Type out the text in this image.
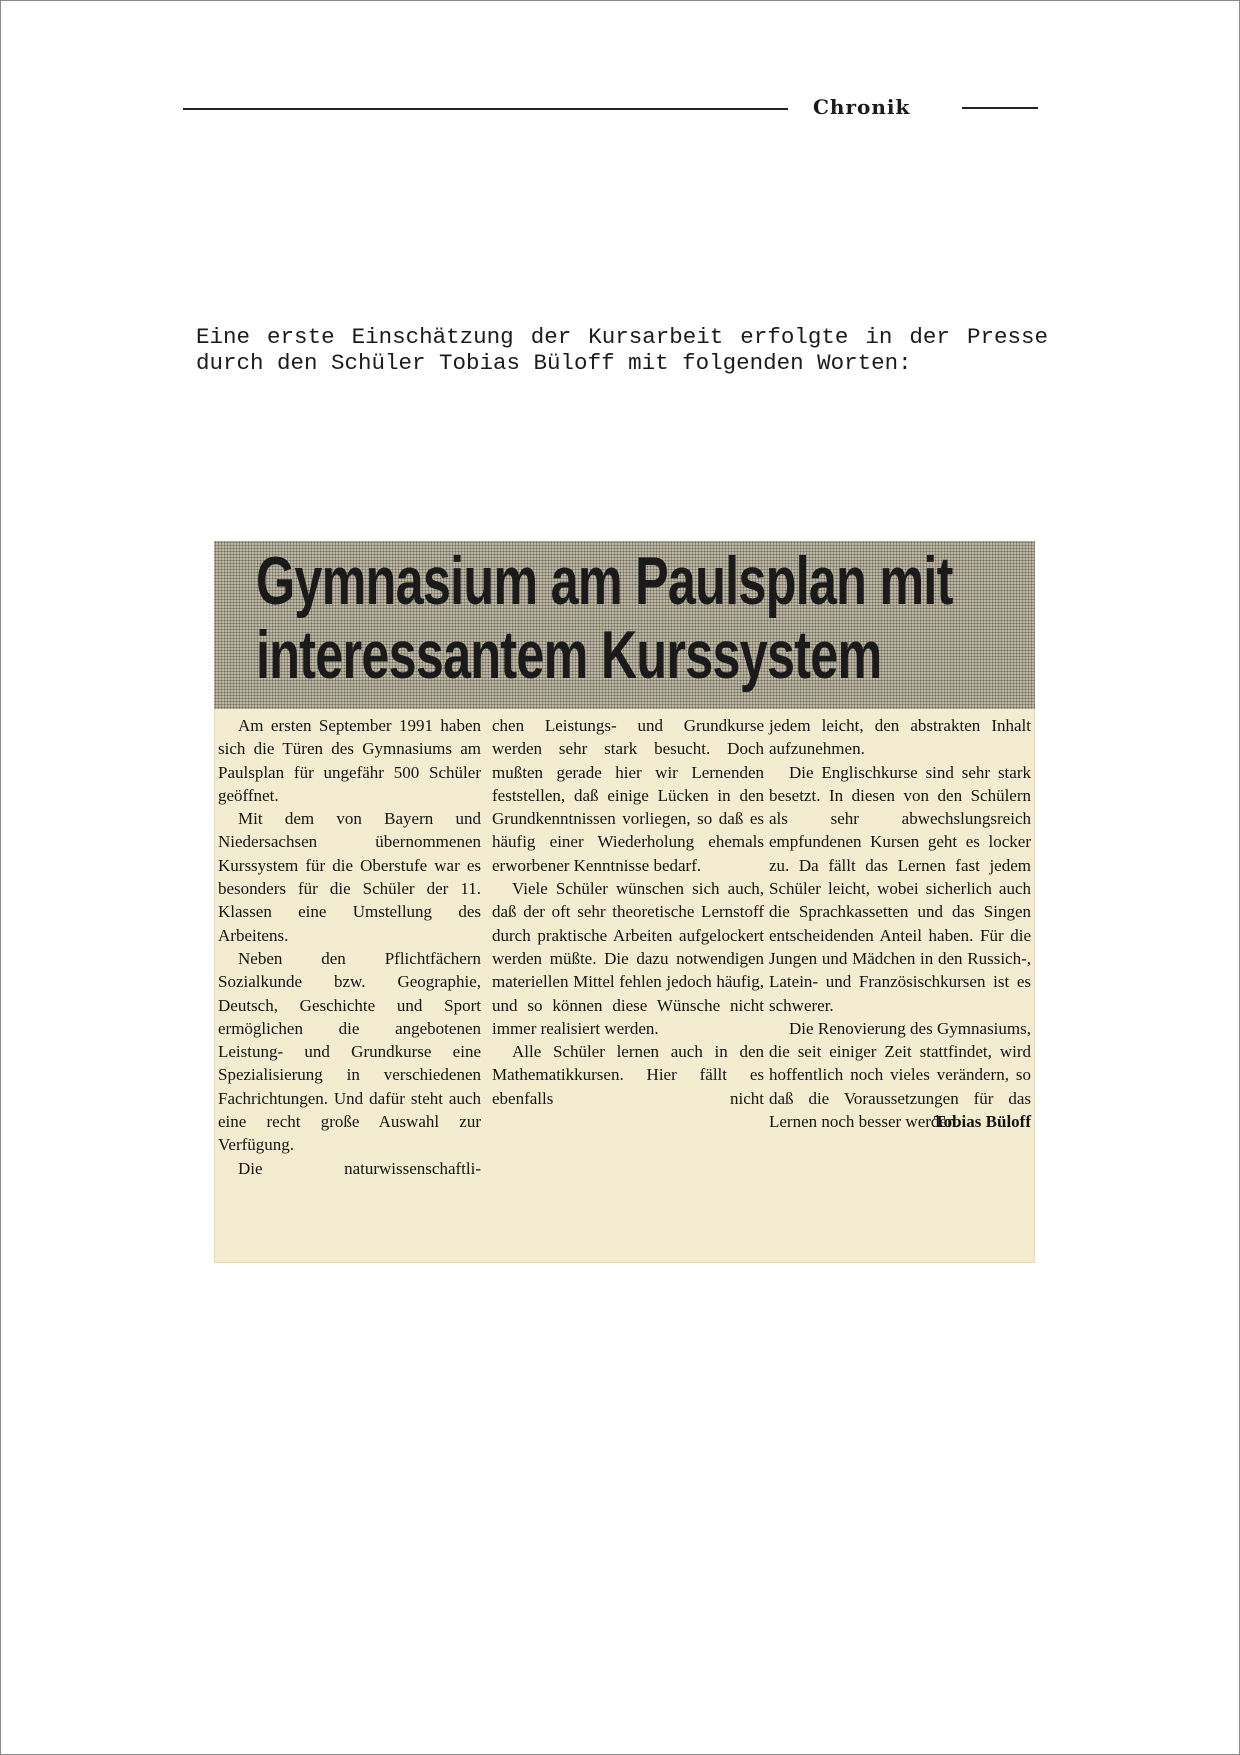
Chronik
Eine erste Einschätzung der Kursarbeit erfolgte in der Presse durch den Schüler Tobias Büloff mit folgenden Worten:
Gymnasium am Paulsplan mit
interessantem Kurssystem

Am ersten September 1991 haben sich die Türen des Gymnasiums am Paulsplan für ungefähr 500 Schüler geöffnet.

Mit dem von Bayern und Niedersachsen übernommenen Kurssystem für die Oberstufe war es besonders für die Schüler der 11. Klassen eine Umstellung des Arbeitens.

Neben den Pflichtfächern Sozialkunde bzw. Geographie, Deutsch, Geschichte und Sport ermöglichen die angebotenen Leistung- und Grundkurse eine Spezialisierung in verschiedenen Fachrichtungen. Und dafür steht auch eine recht große Auswahl zur Verfügung.

Die naturwissenschaftli-

chen Leistungs- und Grundkurse werden sehr stark besucht. Doch mußten gerade hier wir Lernenden feststellen, daß einige Lücken in den Grundkenntnissen vorliegen, so daß es häufig einer Wiederholung ehemals erworbener Kenntnisse bedarf.

Viele Schüler wünschen sich auch, daß der oft sehr theoretische Lernstoff durch praktische Arbeiten aufgelockert werden müßte. Die dazu notwendigen materiellen Mittel fehlen jedoch häufig, und so können diese Wünsche nicht immer realisiert werden.

Alle Schüler lernen auch in den Mathematikkursen. Hier fällt es ebenfalls nicht

jedem leicht, den abstrakten Inhalt aufzunehmen.

Die Englischkurse sind sehr stark besetzt. In diesen von den Schülern als sehr abwechslungsreich empfundenen Kursen geht es locker zu. Da fällt das Lernen fast jedem Schüler leicht, wobei sicherlich auch die Sprachkassetten und das Singen entscheidenden Anteil haben. Für die Jungen und Mädchen in den Russich-, Latein- und Französischkursen ist es schwerer.

Die Renovierung des Gymnasiums, die seit einiger Zeit stattfindet, wird hoffentlich noch vieles verändern, so daß die Voraussetzungen für das Lernen noch besser werden.

Tobias Büloff
